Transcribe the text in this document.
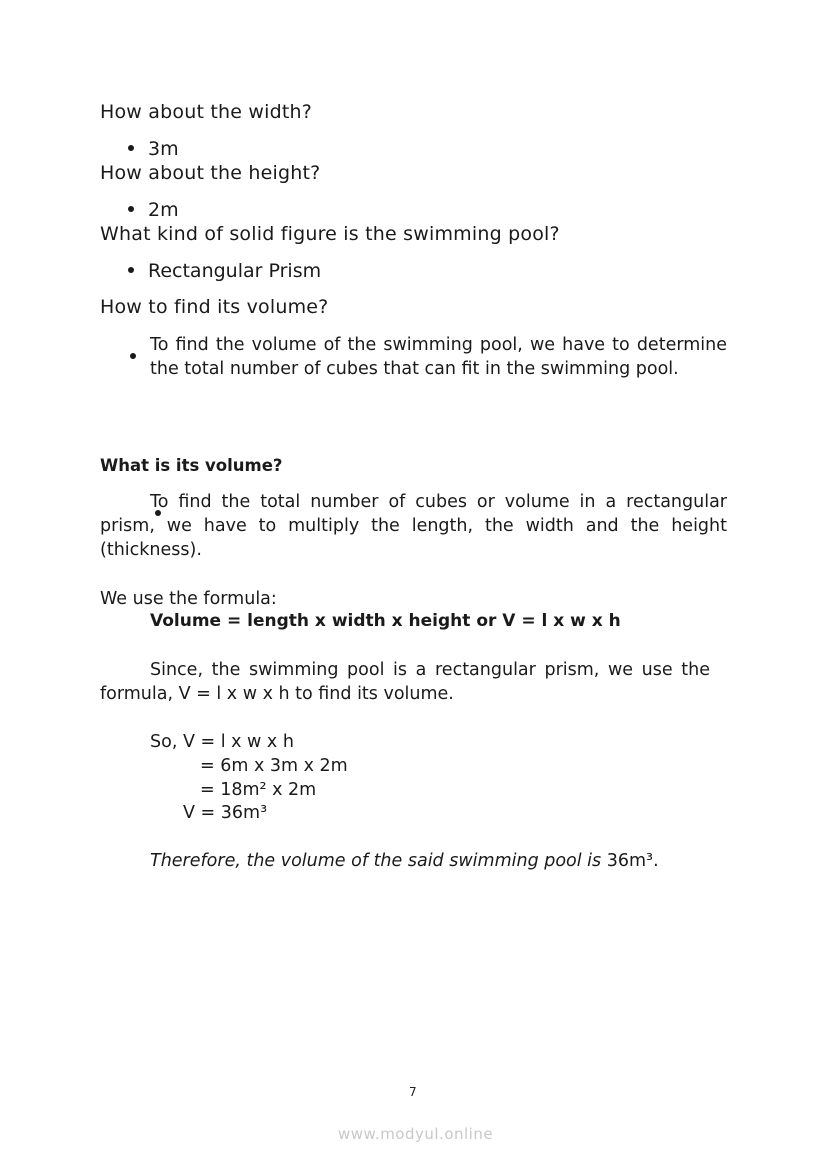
How about the width?
3m
How about the height?
2m
What kind of solid figure is the swimming pool?
Rectangular Prism
How to find its volume?

To find the volume of the swimming pool, we have to determine the total number of cubes that can fit in the swimming pool.
What is its volume?
To find the total number of cubes or volume in a rectangular prism, we have to multiply the length, the width and the height (thickness).
We use the formula:
Volume = length x width x height or V = l x w x h
Since, the swimming pool is a rectangular prism, we use the formula, V = l x w x h to find its volume.
So, V = l x w x h
= 6m x 3m x 2m
= 18m² x 2m
V = 36m³
Therefore, the volume of the said swimming pool is 36m³.
7
www.modyul.online
